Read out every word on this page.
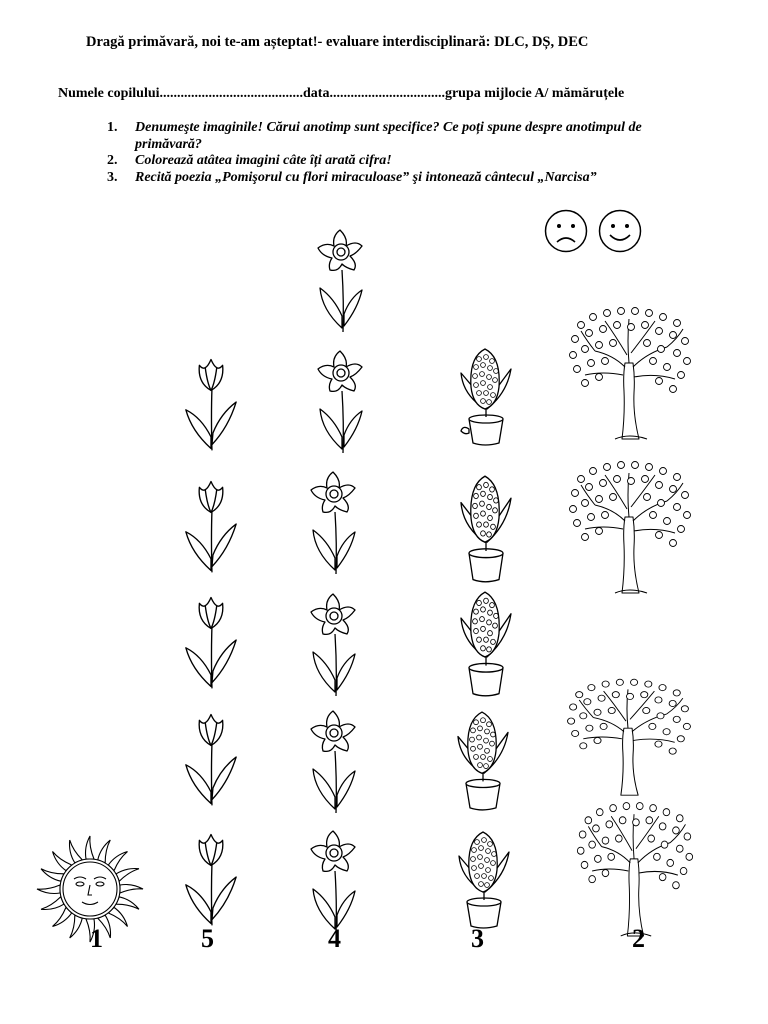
Dragă primăvară, noi te-am așteptat!- evaluare interdisciplinară: DLC, DȘ, DEC
Numele copilului.........................................data.................................grupa mijlocie A/ mămăruțele
1. Denumeşte imaginile! Cărui anotimp sunt specifice? Ce poți spune despre anotimpul de primăvară?
2. Colorează atâtea imagini câte îți arată cifra!
3. Recită poezia „Pomişorul cu flori miraculoase” şi intonează cântecul „Narcisa”
1	5	4	3	2
